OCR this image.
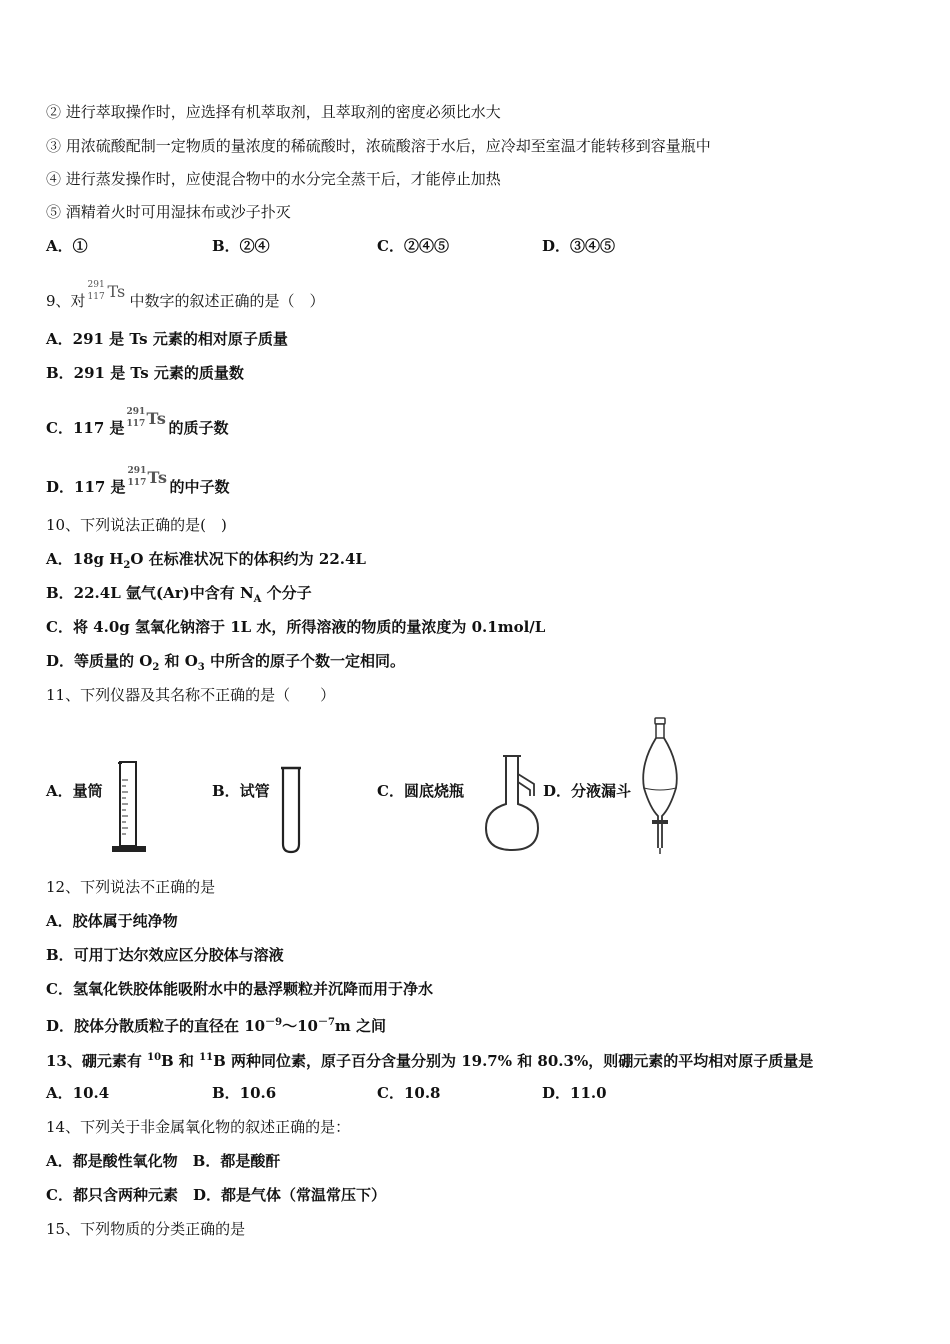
② 进行萃取操作时，应选择有机萃取剂，且萃取剂的密度必须比水大
③ 用浓硫酸配制一定物质的量浓度的稀硫酸时，浓硫酸溶于水后，应冷却至室温才能转移到容量瓶中
④ 进行蒸发操作时，应使混合物中的水分完全蒸干后，才能停止加热
⑤ 酒精着火时可用湿抹布或沙子扑灭
A．①	B．②④	C．②④⑤	D．③④⑤
9、对
291
117 Ts 中数字的叙述正确的是（　）
A．291 是 Ts 元素的相对原子质量
B．291 是 Ts 元素的质量数
C．117 是
291
117 Ts 的质子数
D．117 是
291
117 Ts 的中子数
10、下列说法正确的是(　)
A．18g $H_2O$ 在标准状况下的体积约为 22.4L
B．22.4L 氩气(Ar)中含有 $N_A$ 个分子
C．将 4.0g 氢氧化钠溶于 1L 水，所得溶液的物质的量浓度为 0.1mol/L
D．等质量的 $O_2$ 和 $O_3$ 中所含的原子个数一定相同。
11、下列仪器及其名称不正确的是（　　）
A．量筒	B．试管	C．圆底烧瓶	D．分液漏斗
12、下列说法不正确的是
A．胶体属于纯净物
B．可用丁达尔效应区分胶体与溶液
C．氢氧化铁胶体能吸附水中的悬浮颗粒并沉降而用于净水
D．胶体分散质粒子的直径在 $10^{-9}\sim 10^{-7}m$ 之间
13、硼元素有 $^{10}$B 和 $^{11}$B 两种同位素，原子百分含量分别为 19.7% 和 80.3%，则硼元素的平均相对原子质量是
A．10.4	B．10.6	C．10.8	D．11.0
14、下列关于非金属氧化物的叙述正确的是：
A．都是酸性氧化物　B．都是酸酐
C．都只含两种元素　D．都是气体（常温常压下）
15、下列物质的分类正确的是
